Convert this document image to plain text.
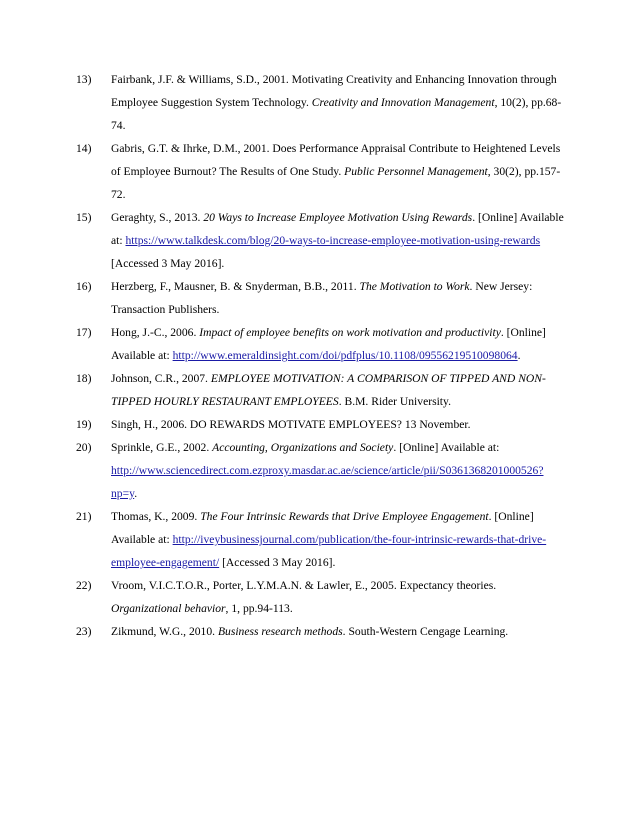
13) Fairbank, J.F. & Williams, S.D., 2001. Motivating Creativity and Enhancing Innovation through Employee Suggestion System Technology. Creativity and Innovation Management, 10(2), pp.68-74.
14) Gabris, G.T. & Ihrke, D.M., 2001. Does Performance Appraisal Contribute to Heightened Levels of Employee Burnout? The Results of One Study. Public Personnel Management, 30(2), pp.157-72.
15) Geraghty, S., 2013. 20 Ways to Increase Employee Motivation Using Rewards. [Online] Available at: https://www.talkdesk.com/blog/20-ways-to-increase-employee-motivation-using-rewards [Accessed 3 May 2016].
16) Herzberg, F., Mausner, B. & Snyderman, B.B., 2011. The Motivation to Work. New Jersey: Transaction Publishers.
17) Hong, J.-C., 2006. Impact of employee benefits on work motivation and productivity. [Online] Available at: http://www.emeraldinsight.com/doi/pdfplus/10.1108/09556219510098064.
18) Johnson, C.R., 2007. EMPLOYEE MOTIVATION: A COMPARISON OF TIPPED AND NON-TIPPED HOURLY RESTAURANT EMPLOYEES. B.M. Rider University.
19) Singh, H., 2006. DO REWARDS MOTIVATE EMPLOYEES? 13 November.
20) Sprinkle, G.E., 2002. Accounting, Organizations and Society. [Online] Available at: http://www.sciencedirect.com.ezproxy.masdar.ac.ae/science/article/pii/S0361368201000526?np=y.
21) Thomas, K., 2009. The Four Intrinsic Rewards that Drive Employee Engagement. [Online] Available at: http://iveybusinessjournal.com/publication/the-four-intrinsic-rewards-that-drive-employee-engagement/ [Accessed 3 May 2016].
22) Vroom, V.I.C.T.O.R., Porter, L.Y.M.A.N. & Lawler, E., 2005. Expectancy theories. Organizational behavior, 1, pp.94-113.
23) Zikmund, W.G., 2010. Business research methods. South-Western Cengage Learning.
